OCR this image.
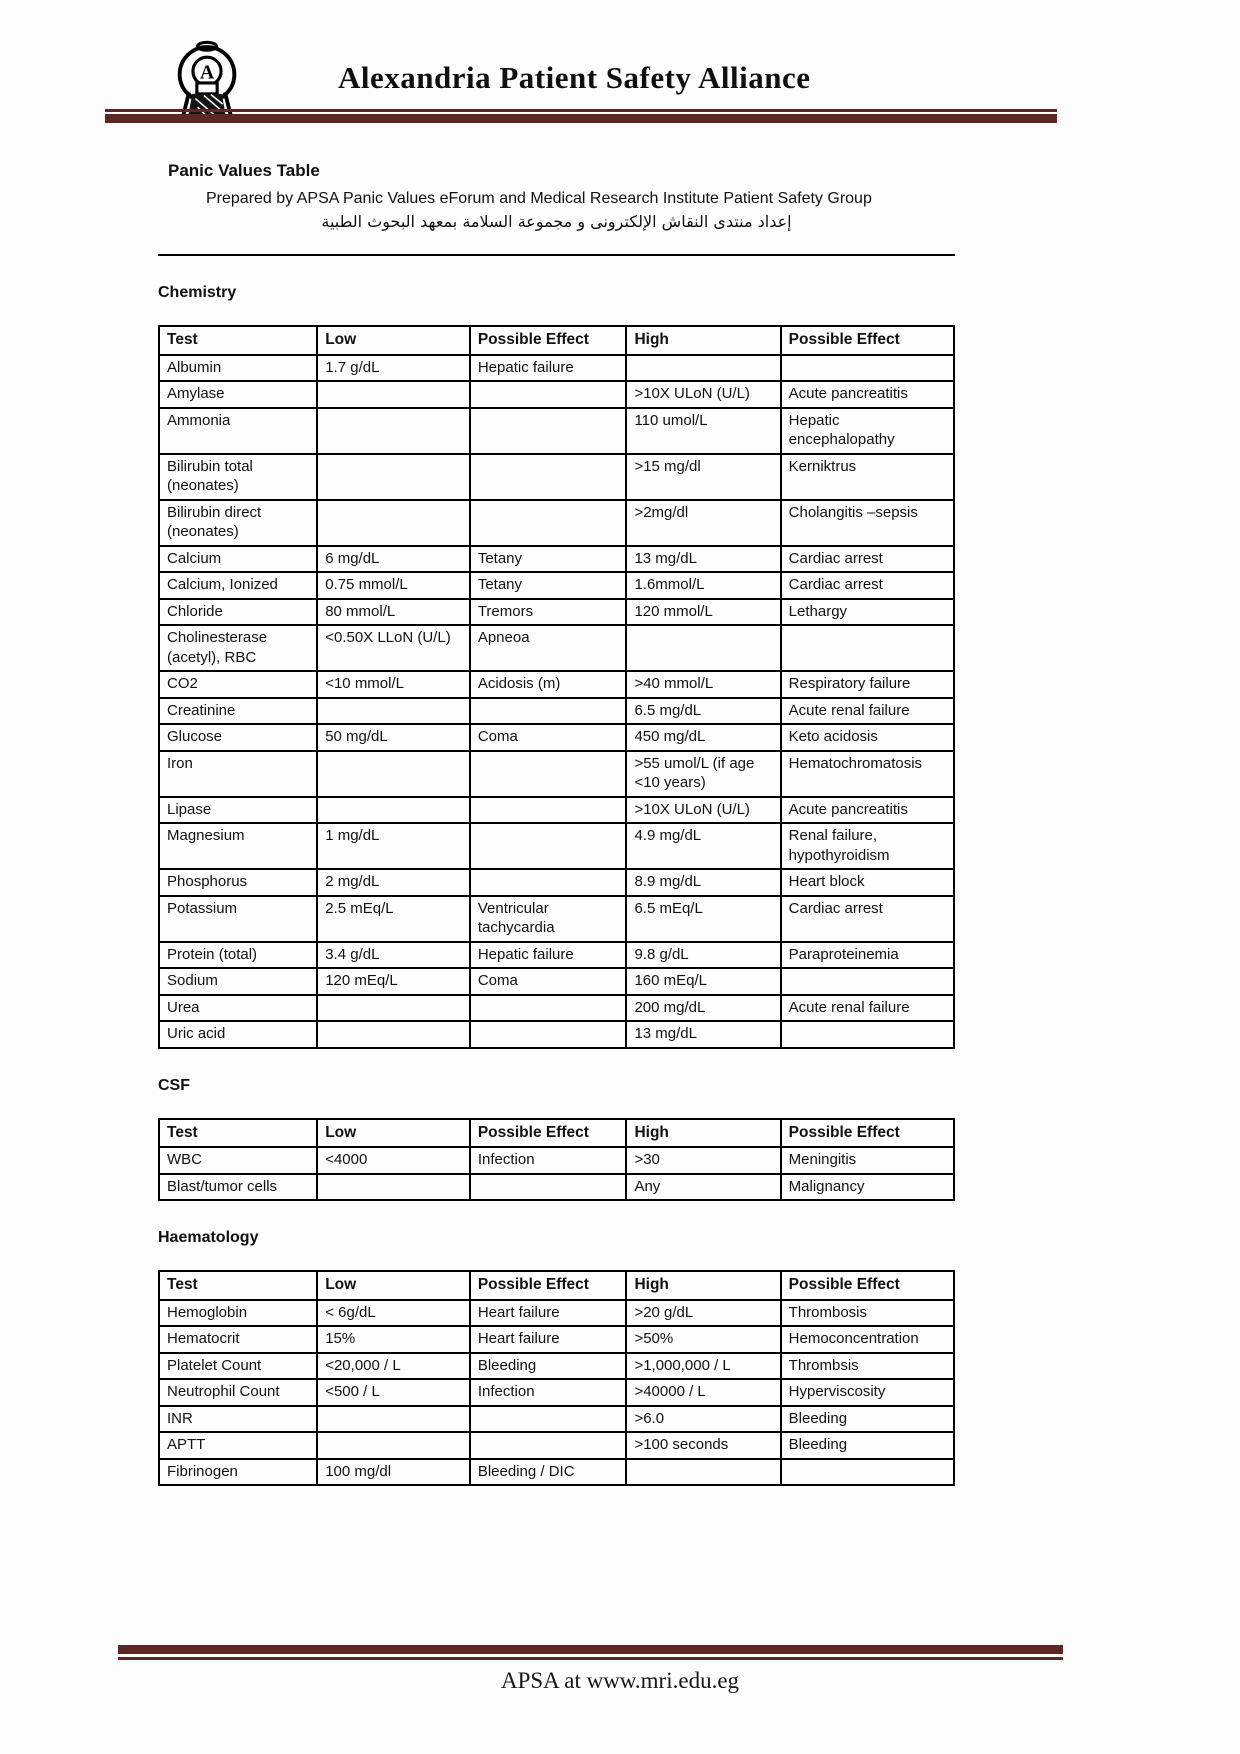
A	Alexandria Patient Safety Alliance
Panic Values Table
Prepared by APSA Panic Values eForum and Medical Research Institute Patient Safety Group
إعداد منتدى النقاش الإلكترونى و مجموعة السلامة بمعهد البحوث الطبية
Chemistry
Test	Low	Possible Effect	High	Possible Effect
Albumin	1.7 g/dL	Hepatic failure		
Amylase			>10X ULoN (U/L)	Acute pancreatitis
Ammonia			110 umol/L	Hepatic encephalopathy
Bilirubin total (neonates)			>15 mg/dl	Kerniktrus
Bilirubin direct (neonates)			>2mg/dl	Cholangitis –sepsis
Calcium	6 mg/dL	Tetany	13 mg/dL	Cardiac arrest
Calcium, Ionized	0.75 mmol/L	Tetany	1.6mmol/L	Cardiac arrest
Chloride	80 mmol/L	Tremors	120 mmol/L	Lethargy
Cholinesterase (acetyl), RBC	<0.50X LLoN (U/L)	Apneoa		
CO2	<10 mmol/L	Acidosis (m)	>40 mmol/L	Respiratory failure
Creatinine			6.5 mg/dL	Acute renal failure
Glucose	50 mg/dL	Coma	450 mg/dL	Keto acidosis
Iron			>55 umol/L (if age <10 years)	Hematochromatosis
Lipase			>10X ULoN (U/L)	Acute pancreatitis
Magnesium	1 mg/dL		4.9 mg/dL	Renal failure, hypothyroidism
Phosphorus	2 mg/dL		8.9 mg/dL	Heart block
Potassium	2.5 mEq/L	Ventricular tachycardia	6.5 mEq/L	Cardiac arrest
Protein (total)	3.4 g/dL	Hepatic failure	9.8 g/dL	Paraproteinemia
Sodium	120 mEq/L	Coma	160 mEq/L	
Urea			200 mg/dL	Acute renal failure
Uric acid			13 mg/dL	
CSF
Test	Low	Possible Effect	High	Possible Effect
WBC	<4000	Infection	>30	Meningitis
Blast/tumor cells			Any	Malignancy
Haematology
Test	Low	Possible Effect	High	Possible Effect
Hemoglobin	< 6g/dL	Heart failure	>20 g/dL	Thrombosis
Hematocrit	15%	Heart failure	>50%	Hemoconcentration
Platelet Count	<20,000 / L	Bleeding	>1,000,000 / L	Thrombsis
Neutrophil Count	<500 / L	Infection	>40000 / L	Hyperviscosity
INR			>6.0	Bleeding
APTT			>100 seconds	Bleeding
Fibrinogen	100 mg/dl	Bleeding / DIC		
APSA at www.mri.edu.eg
